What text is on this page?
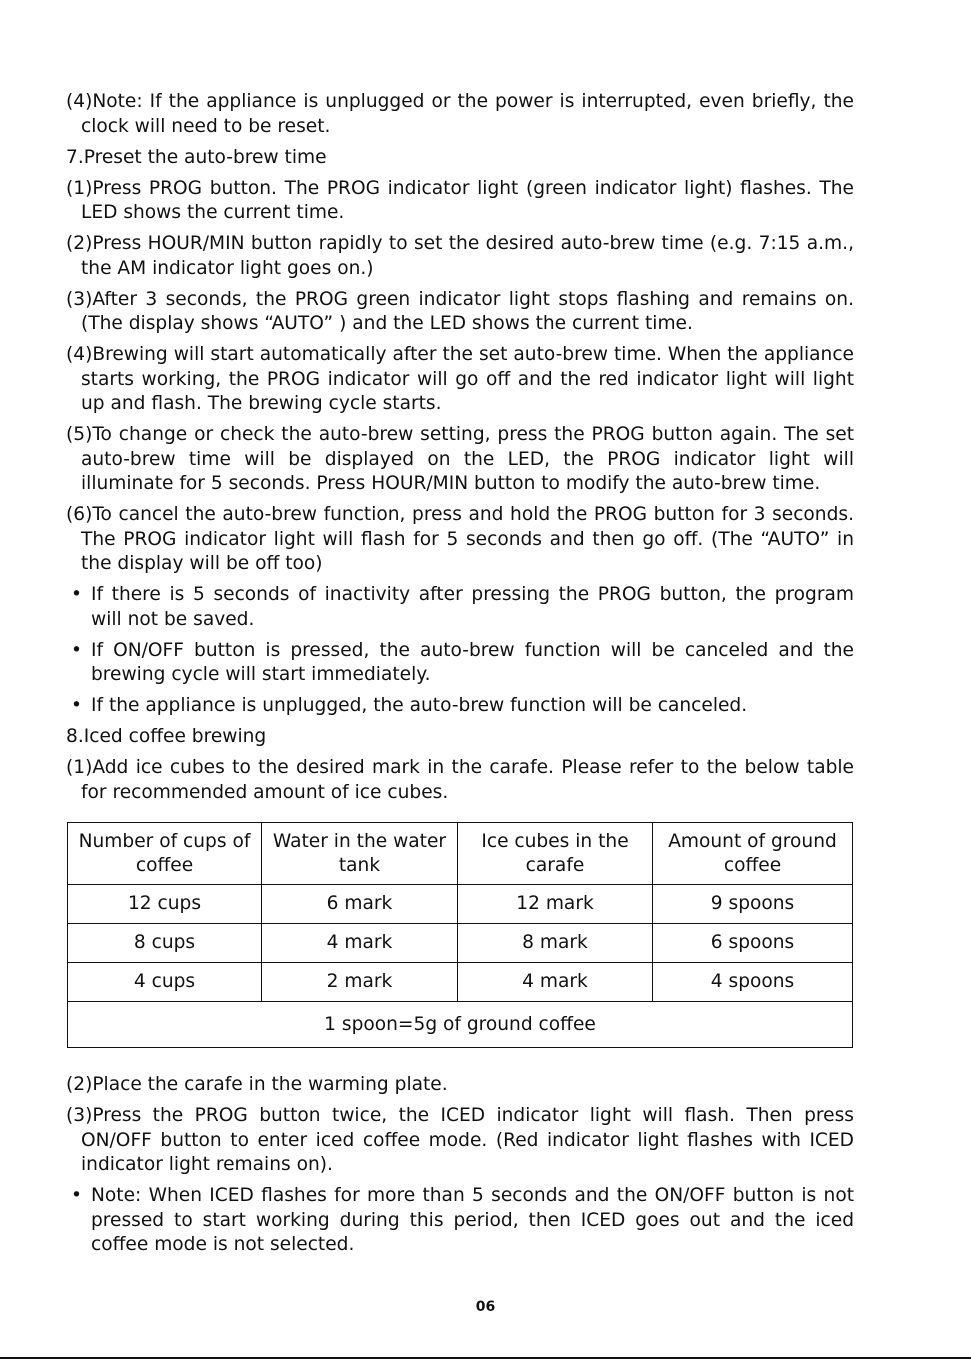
(4)Note: If the appliance is unplugged or the power is interrupted, even briefly, the clock will need to be reset.

7.Preset the auto-brew time

(1)Press PROG button. The PROG indicator light (green indicator light) flashes. The LED shows the current time.

(2)Press HOUR/MIN button rapidly to set the desired auto-brew time (e.g. 7:15 a.m., the AM indicator light goes on.)

(3)After 3 seconds, the PROG green indicator light stops flashing and remains on. (The display shows “AUTO” ) and the LED shows the current time.

(4)Brewing will start automatically after the set auto-brew time. When the appliance starts working, the PROG indicator will go off and the red indicator light will light up and flash. The brewing cycle starts.

(5)To change or check the auto-brew setting, press the PROG button again. The set auto-brew time will be displayed on the LED, the PROG indicator light will illuminate for 5 seconds. Press HOUR/MIN button to modify the auto-brew time.

(6)To cancel the auto-brew function, press and hold the PROG button for 3 seconds. The PROG indicator light will flash for 5 seconds and then go off. (The “AUTO” in the display will be off too)

• If there is 5 seconds of inactivity after pressing the PROG button, the program will not be saved.

• If ON/OFF button is pressed, the auto-brew function will be canceled and the brewing cycle will start immediately.

• If the appliance is unplugged, the auto-brew function will be canceled.

8.Iced coffee brewing

(1)Add ice cubes to the desired mark in the carafe. Please refer to the below table for recommended amount of ice cubes.

Number of cups of coffee	Water in the water tank	Ice cubes in the carafe	Amount of ground coffee
12 cups	6 mark	12 mark	9 spoons
8 cups	4 mark	8 mark	6 spoons
4 cups	2 mark	4 mark	4 spoons
1 spoon=5g of ground coffee			

(2)Place the carafe in the warming plate.

(3)Press the PROG button twice, the ICED indicator light will flash. Then press ON/OFF button to enter iced coffee mode. (Red indicator light flashes with ICED indicator light remains on).

• Note: When ICED flashes for more than 5 seconds and the ON/OFF button is not pressed to start working during this period, then ICED goes out and the iced coffee mode is not selected.

06
